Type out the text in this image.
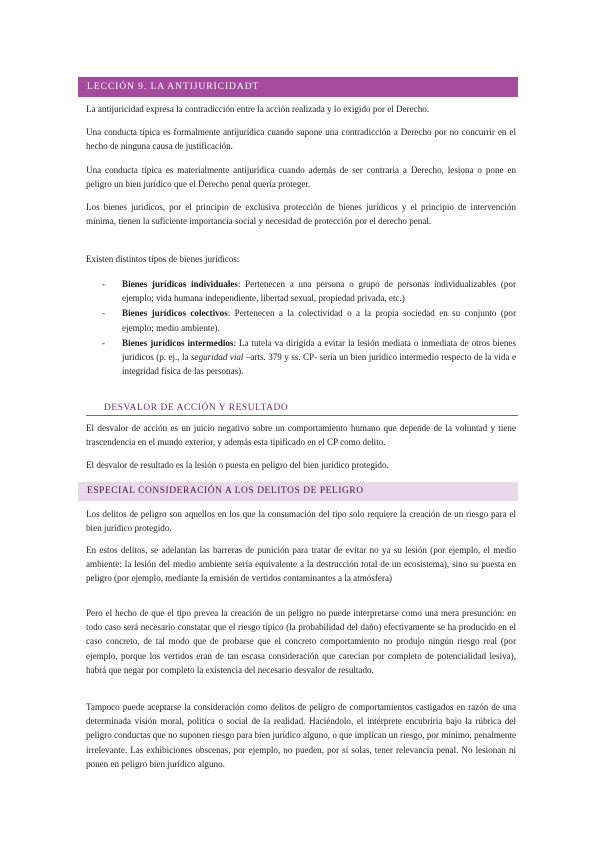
LECCIÓN 9. LA ANTIJURICIDADT
La antijuricidad expresa la contradicción entre la acción realizada y lo exigido por el Derecho.
Una conducta típica es formalmente antijurídica cuando supone una contradicción a Derecho por no concurrir en el hecho de ninguna causa de justificación.
Una conducta típica es materialmente antijurídica cuando además de ser contraria a Derecho, lesiona o pone en peligro un bien jurídico que el Derecho penal quería proteger.
Los bienes jurídicos, por el principio de exclusiva protección de bienes jurídicos y el principio de intervención mínima, tienen la suficiente importancia social y necesidad de protección por el derecho penal.
Existen distintos tipos de bienes jurídicos:
- Bienes jurídicos individuales: Pertenecen a una persona o grupo de personas individualizables (por ejemplo; vida humana independiente, libertad sexual, propiedad privada, etc.)
- Bienes jurídicos colectivos: Pertenecen a la colectividad o a la propia sociedad en su conjunto (por ejemplo; medio ambiente).
- Bienes jurídicos intermedios: La tutela va dirigida a evitar la lesión mediata o inmediata de otros bienes jurídicos (p. ej., la seguridad vial –arts. 379 y ss. CP- sería un bien jurídico intermedio respecto de la vida e integridad física de las personas).
DESVALOR DE ACCIÓN Y RESULTADO
El desvalor de acción es un juicio negativo sobre un comportamiento humano que depende de la voluntad y tiene trascendencia en el mundo exterior, y además esta tipificado en el CP como delito.
El desvalor de resultado es la lesión o puesta en peligro del bien jurídico protegido.
ESPECIAL CONSIDERACIÓN A LOS DELITOS DE PELIGRO
Los delitos de peligro son aquellos en los que la consumación del tipo solo requiere la creación de un riesgo para el bien jurídico protegido.
En estos delitos, se adelantan las barreras de punición para tratar de evitar no ya su lesión (por ejemplo, el medio ambiente: la lesión del medio ambiente sería equivalente a la destrucción total de un ecosistema), sino su puesta en peligro (por ejemplo, mediante la emisión de vertidos contaminantes a la atmósfera)
Pero el hecho de que el tipo prevea la creación de un peligro no puede interpretarse como una mera presunción: en todo caso será necesario constatar que el riesgo típico (la probabilidad del daño) efectivamente se ha producido en el caso concreto, de tal modo que de probarse que el concreto comportamiento no produjo ningún riesgo real (por ejemplo, porque los vertidos eran de tan escasa consideración que carecían por completo de potencialidad lesiva), habrá que negar por completo la existencia del necesario desvalor de resultado.
Tampoco puede aceptarse la consideración como delitos de peligro de comportamientos castigados en razón de una determinada visión moral, política o social de la realidad. Haciéndolo, el intérprete encubriría bajo la rúbrica del peligro conductas que no suponen riesgo para bien jurídico alguno, o que implican un riesgo, por mínimo, penalmente irrelevante. Las exhibiciones obscenas, por ejemplo, no pueden, por sí solas, tener relevancia penal. No lesionan ni ponen en peligro bien jurídico alguno.
